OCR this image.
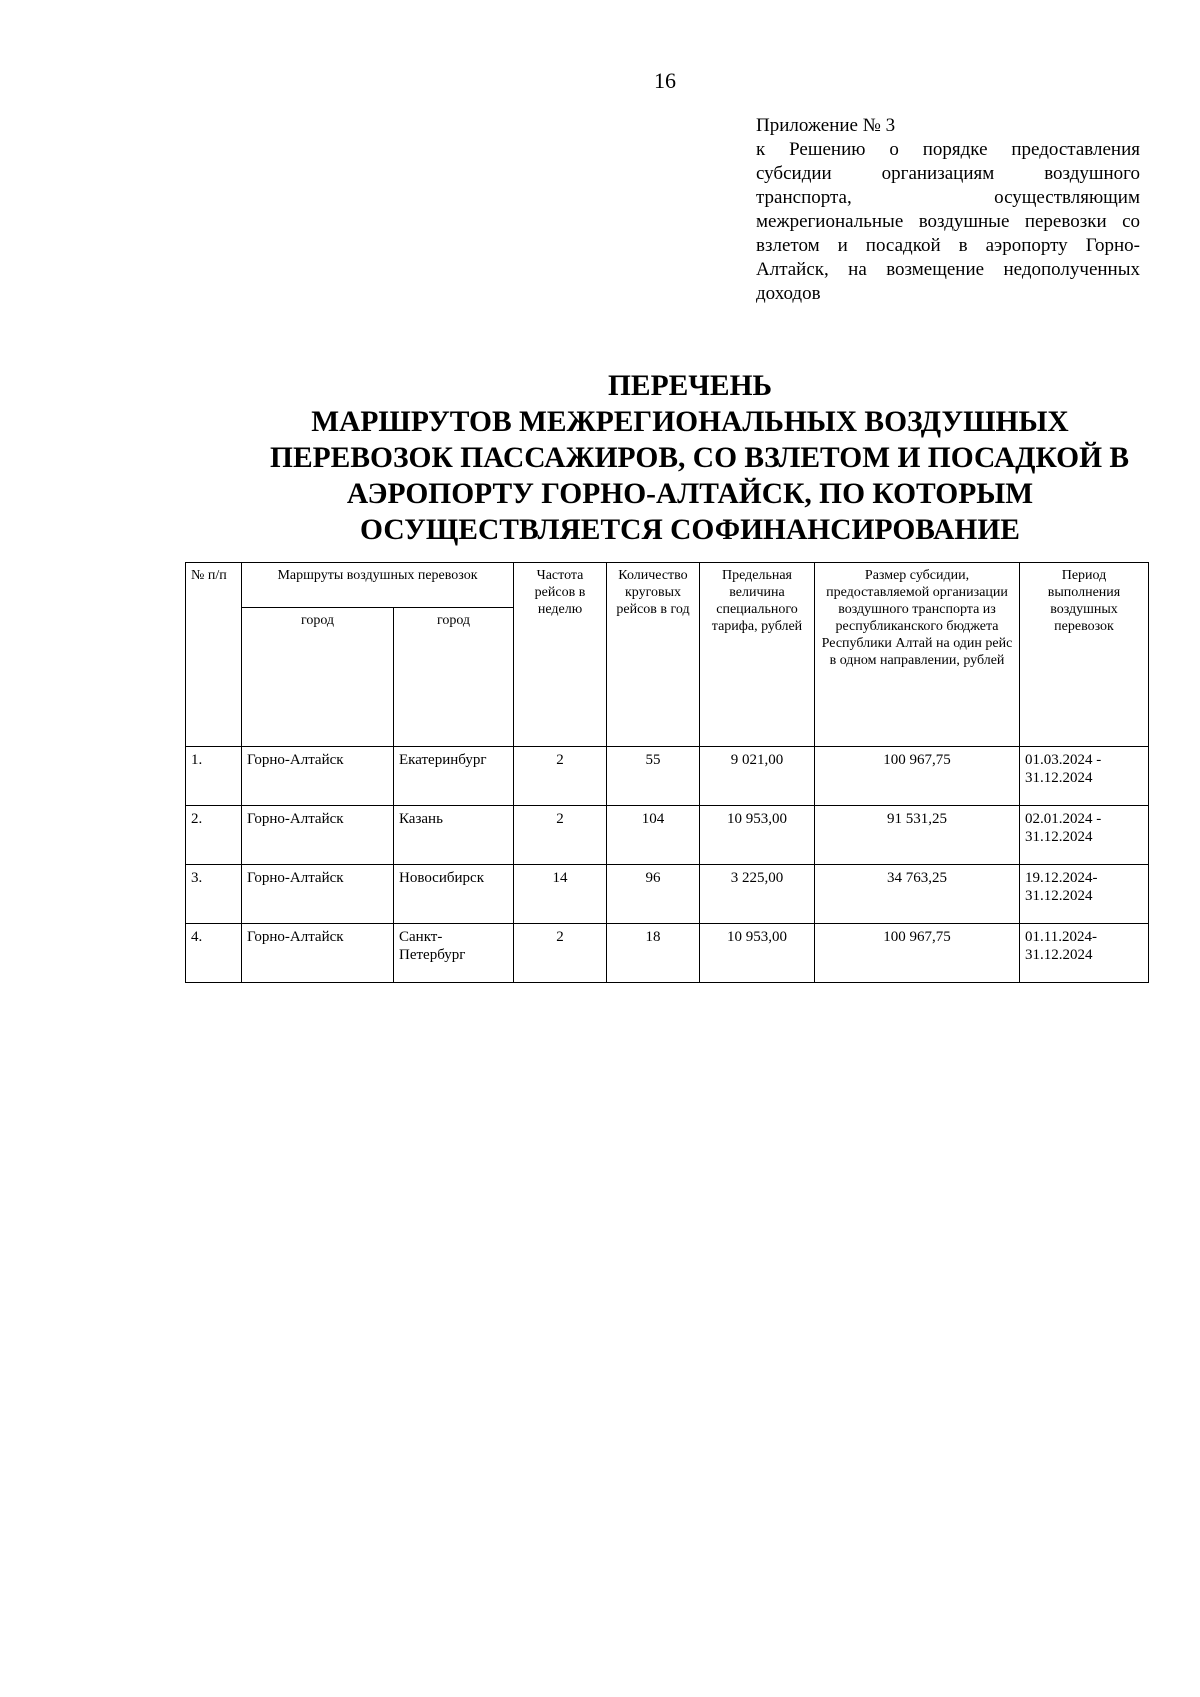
16
Приложение № 3
к Решению о порядке предоставления субсидии организациям воздушного транспорта, осуществляющим межрегиональные воздушные перевозки со взлетом и посадкой в аэропорту Горно-Алтайск, на возмещение недополученных доходов
ПЕРЕЧЕНЬ
МАРШРУТОВ МЕЖРЕГИОНАЛЬНЫХ ВОЗДУШНЫХ
ПЕРЕВОЗОК ПАССАЖИРОВ, СО ВЗЛЕТОМ И ПОСАДКОЙ В
АЭРОПОРТУ ГОРНО-АЛТАЙСК, ПО КОТОРЫМ
ОСУЩЕСТВЛЯЕТСЯ СОФИНАНСИРОВАНИЕ
№ п/п	Маршруты воздушных перевозок		Частота рейсов в неделю	Количество круговых рейсов в год	Предельная величина специального тарифа, рублей	Размер субсидии, предоставляемой организации воздушного транспорта из республиканского бюджета Республики Алтай на один рейс в одном направлении, рублей	Период выполнения воздушных перевозок
	город	город					
1.	Горно-Алтайск	Екатеринбург	2	55	9 021,00	100 967,75	01.03.2024 - 31.12.2024
2.	Горно-Алтайск	Казань	2	104	10 953,00	91 531,25	02.01.2024 - 31.12.2024
3.	Горно-Алтайск	Новосибирск	14	96	3 225,00	34 763,25	19.12.2024-31.12.2024
4.	Горно-Алтайск	Санкт-Петербург	2	18	10 953,00	100 967,75	01.11.2024-31.12.2024
